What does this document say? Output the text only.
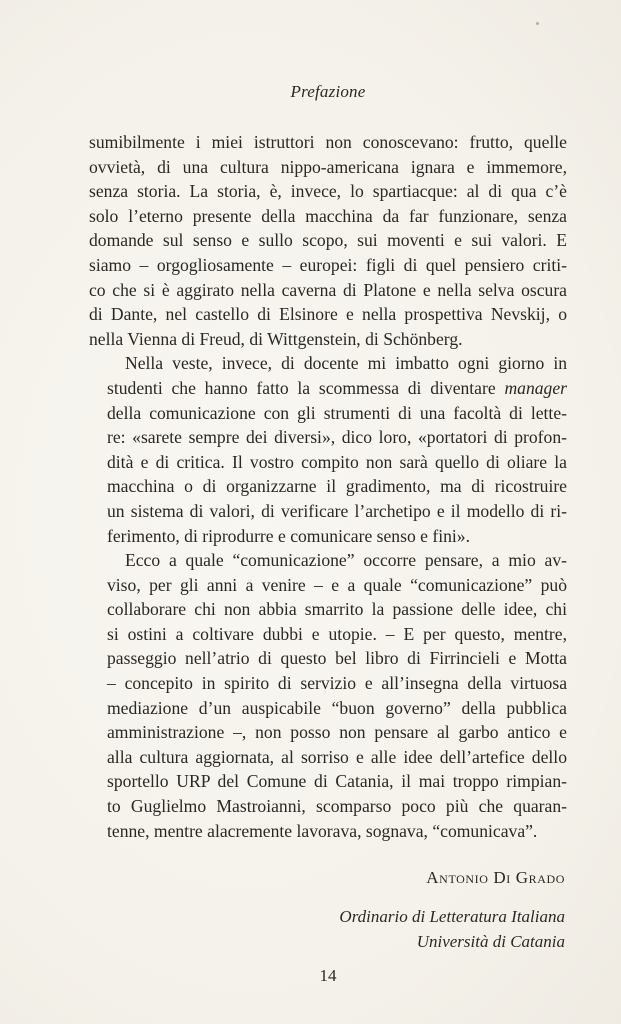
Prefazione

sumibilmente i miei istruttori non conoscevano: frutto, quelle
ovvietà, di una cultura nippo-americana ignara e immemore,
senza storia. La storia, è, invece, lo spartiacque: al di qua c’è
solo l’eterno presente della macchina da far funzionare, senza
domande sul senso e sullo scopo, sui moventi e sui valori. E
siamo – orgogliosamente – europei: figli di quel pensiero criti-
co che si è aggirato nella caverna di Platone e nella selva oscura
di Dante, nel castello di Elsinore e nella prospettiva Nevskij, o
nella Vienna di Freud, di Wittgenstein, di Schönberg.

Nella veste, invece, di docente mi imbatto ogni giorno in
studenti che hanno fatto la scommessa di diventare manager
della comunicazione con gli strumenti di una facoltà di lette-
re: «sarete sempre dei diversi», dico loro, «portatori di profon-
dità e di critica. Il vostro compito non sarà quello di oliare la
macchina o di organizzarne il gradimento, ma di ricostruire
un sistema di valori, di verificare l’archetipo e il modello di ri-
ferimento, di riprodurre e comunicare senso e fini».

Ecco a quale “comunicazione” occorre pensare, a mio av-
viso, per gli anni a venire – e a quale “comunicazione” può
collaborare chi non abbia smarrito la passione delle idee, chi
si ostini a coltivare dubbi e utopie. – E per questo, mentre,
passeggio nell’atrio di questo bel libro di Firrincieli e Motta
– concepito in spirito di servizio e all’insegna della virtuosa
mediazione d’un auspicabile “buon governo” della pubblica
amministrazione –, non posso non pensare al garbo antico e
alla cultura aggiornata, al sorriso e alle idee dell’artefice dello
sportello URP del Comune di Catania, il mai troppo rimpian-
to Guglielmo Mastroianni, scomparso poco più che quaran-
tenne, mentre alacremente lavorava, sognava, “comunicava”.

Antonio Di Grado
Ordinario di Letteratura Italiana
Università di Catania
14
